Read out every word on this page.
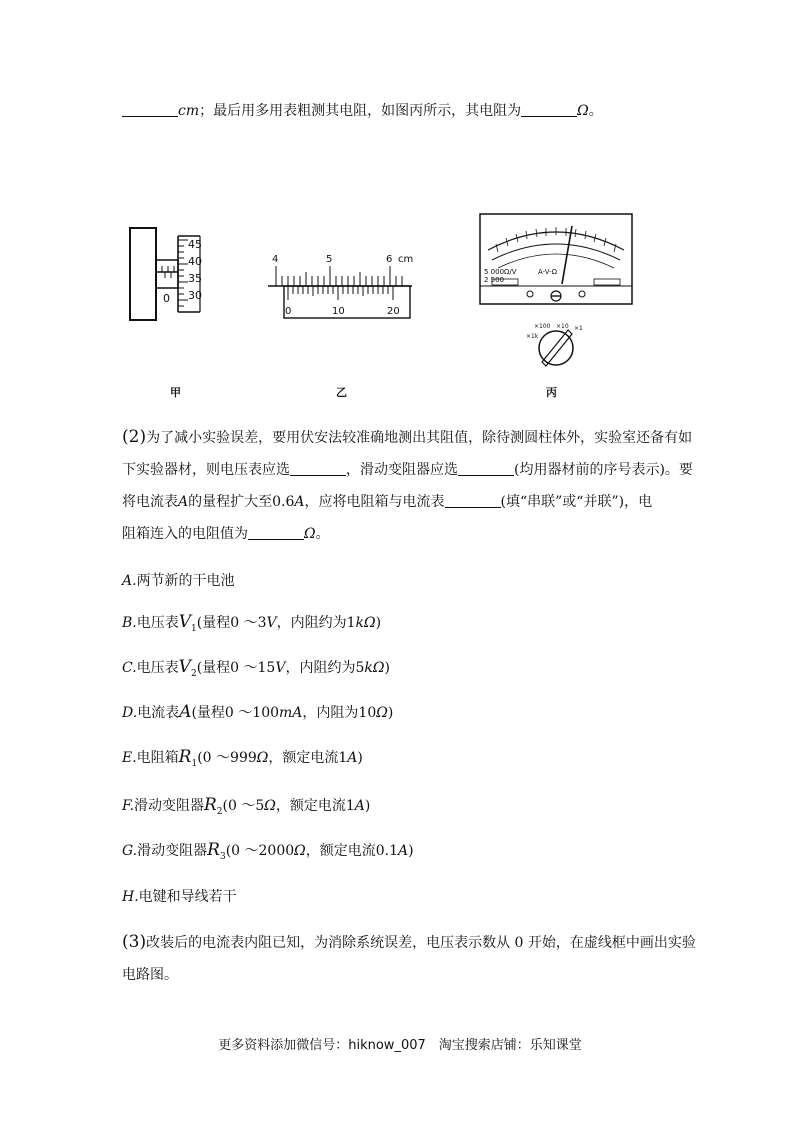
cm；最后用多用表粗测其电阻，如图丙所示，其电阻为	Ω。
45
40
35
30
0
4	5	6 cm
0	10	20
A-V-Ω
5 000Ω/V
2 500
×100 ×10 ×1
×1k
甲	乙	丙
(2)为了减小实验误差，要用伏安法较准确地测出其阻值，除待测圆柱体外，实验室还备有如
下实验器材，则电压表应选	，滑动变阻器应选	(均用器材前的序号表示)。要
将电流表A的量程扩大至0.6A，应将电阻箱与电流表	(填“串联”或“并联”)，电
阻箱连入的电阻值为	Ω。
A.两节新的干电池
B.电压表$V_1$(量程0 ～3V，内阻约为1kΩ)
C.电压表$V_2$(量程0 ～15V，内阻约为5kΩ)
D.电流表A(量程0 ～100mA，内阻为10Ω)
E.电阻箱$R_1(0$ ～999Ω，额定电流1A)
F.滑动变阻器$R_2(0$ ～5Ω，额定电流1A)
G.滑动变阻器$R_3(0$ ～2000Ω，额定电流0.1A)
H.电键和导线若干
(3)改装后的电流表内阻已知，为消除系统误差，电压表示数从 0 开始，在虚线框中画出实验
电路图。
更多资料添加微信号：hiknow_007　淘宝搜索店铺：乐知课堂
